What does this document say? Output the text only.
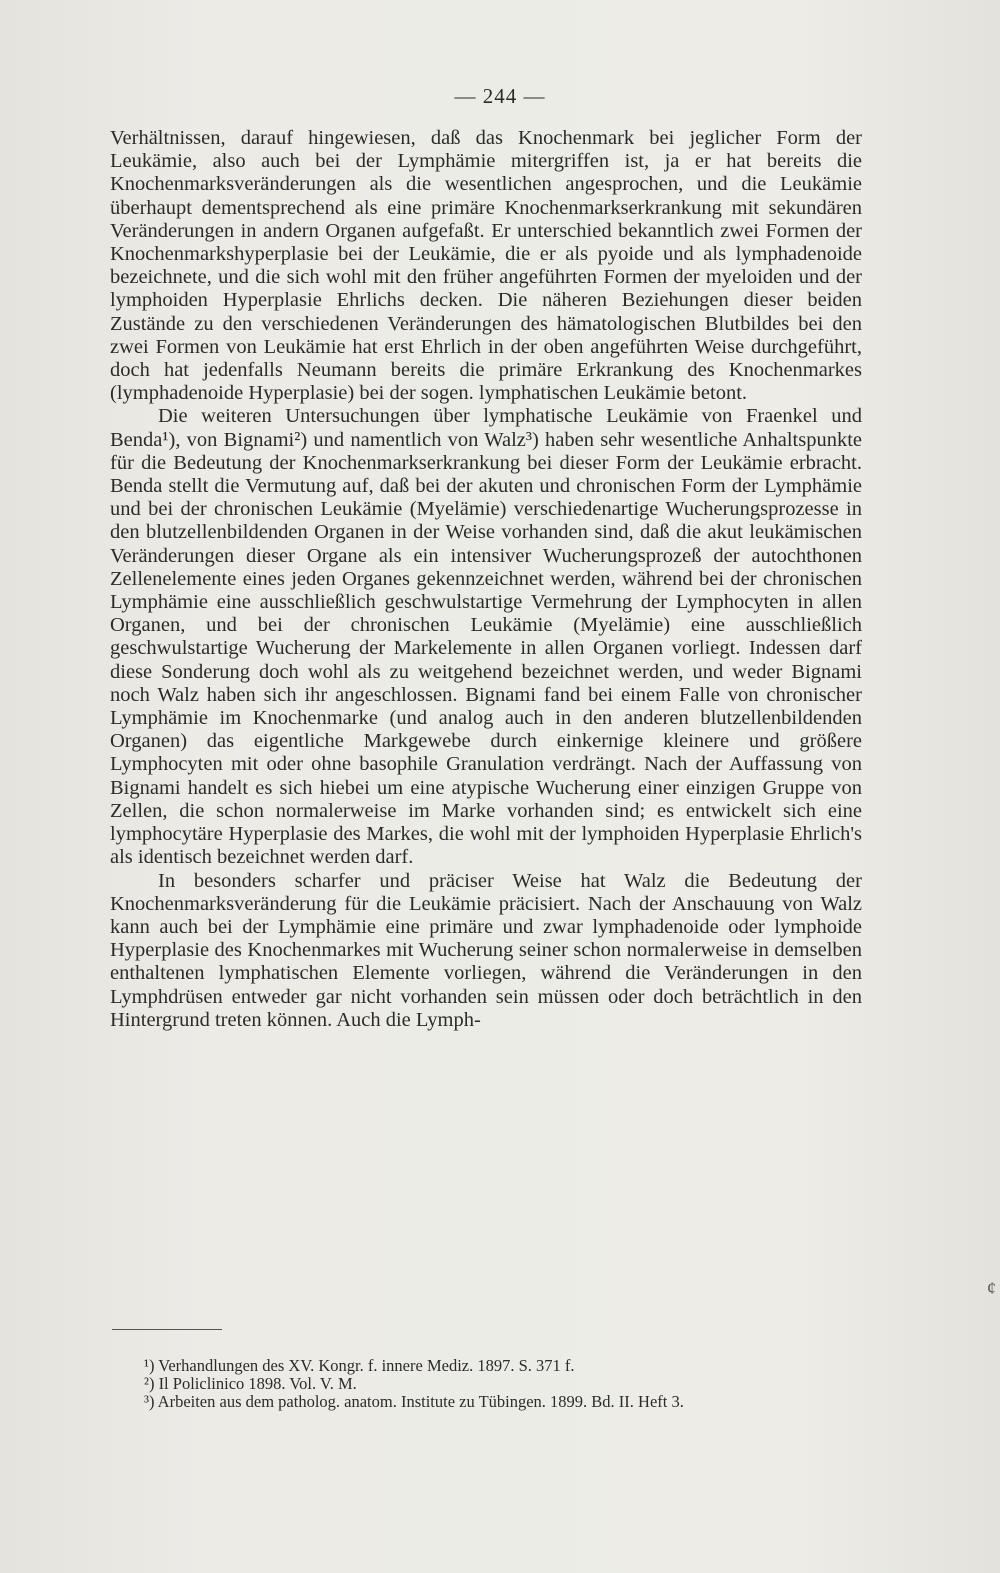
— 244 —

Verhältnissen, darauf hingewiesen, daß das Knochenmark bei jeglicher Form der Leukämie, also auch bei der Lymphämie mitergriffen ist, ja er hat bereits die Knochenmarksveränderungen als die wesentlichen angesprochen, und die Leukämie überhaupt dementsprechend als eine primäre Knochenmarkserkrankung mit sekundären Veränderungen in andern Organen aufgefaßt. Er unterschied bekanntlich zwei Formen der Knochenmarkshyperplasie bei der Leukämie, die er als pyoide und als lymphadenoide bezeichnete, und die sich wohl mit den früher angeführten Formen der myeloiden und der lymphoiden Hyperplasie Ehrlichs decken. Die näheren Beziehungen dieser beiden Zustände zu den verschiedenen Veränderungen des hämatologischen Blutbildes bei den zwei Formen von Leukämie hat erst Ehrlich in der oben angeführten Weise durchgeführt, doch hat jedenfalls Neumann bereits die primäre Erkrankung des Knochenmarkes (lymphadenoide Hyperplasie) bei der sogen. lymphatischen Leukämie betont.

Die weiteren Untersuchungen über lymphatische Leukämie von Fraenkel und Benda¹), von Bignami²) und namentlich von Walz³) haben sehr wesentliche Anhaltspunkte für die Bedeutung der Knochenmarkserkrankung bei dieser Form der Leukämie erbracht. Benda stellt die Vermutung auf, daß bei der akuten und chronischen Form der Lymphämie und bei der chronischen Leukämie (Myelämie) verschiedenartige Wucherungsprozesse in den blutzellenbildenden Organen in der Weise vorhanden sind, daß die akut leukämischen Veränderungen dieser Organe als ein intensiver Wucherungsprozeß der autochthonen Zellenelemente eines jeden Organes gekennzeichnet werden, während bei der chronischen Lymphämie eine ausschließlich geschwulstartige Vermehrung der Lymphocyten in allen Organen, und bei der chronischen Leukämie (Myelämie) eine ausschließlich geschwulstartige Wucherung der Markelemente in allen Organen vorliegt. Indessen darf diese Sonderung doch wohl als zu weitgehend bezeichnet werden, und weder Bignami noch Walz haben sich ihr angeschlossen. Bignami fand bei einem Falle von chronischer Lymphämie im Knochenmarke (und analog auch in den anderen blutzellenbildenden Organen) das eigentliche Markgewebe durch einkernige kleinere und größere Lymphocyten mit oder ohne basophile Granulation verdrängt. Nach der Auffassung von Bignami handelt es sich hiebei um eine atypische Wucherung einer einzigen Gruppe von Zellen, die schon normalerweise im Marke vorhanden sind; es entwickelt sich eine lymphocytäre Hyperplasie des Markes, die wohl mit der lymphoiden Hyperplasie Ehrlich's als identisch bezeichnet werden darf.

In besonders scharfer und präciser Weise hat Walz die Bedeutung der Knochenmarksveränderung für die Leukämie präcisiert. Nach der Anschauung von Walz kann auch bei der Lymphämie eine primäre und zwar lymphadenoide oder lymphoide Hyperplasie des Knochenmarkes mit Wucherung seiner schon normalerweise in demselben enthaltenen lymphatischen Elemente vorliegen, während die Veränderungen in den Lymphdrüsen entweder gar nicht vorhanden sein müssen oder doch beträchtlich in den Hintergrund treten können. Auch die Lymph-

¹) Verhandlungen des XV. Kongr. f. innere Mediz. 1897. S. 371 f.

²) Il Policlinico 1898. Vol. V. M.

³) Arbeiten aus dem patholog. anatom. Institute zu Tübingen. 1899. Bd. II. Heft 3.

¢
